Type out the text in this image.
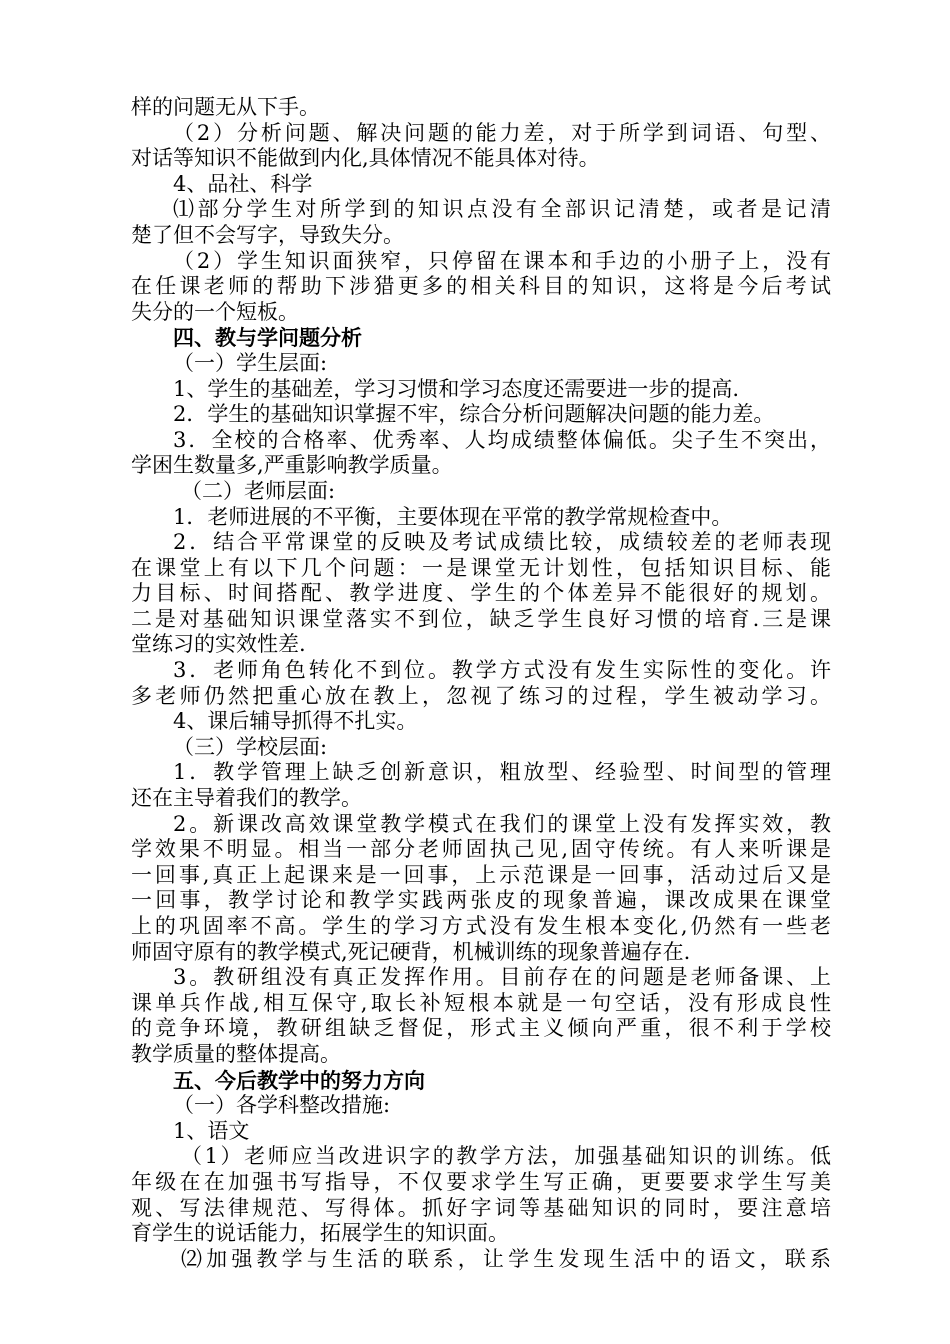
样的问题无从下手。
（2）分析问题、解决问题的能力差，对于所学到词语、句型、
对话等知识不能做到内化,具体情况不能具体对待。
4、品社、科学
⑴部分学生对所学到的知识点没有全部识记清楚，或者是记清
楚了但不会写字，导致失分。
（2）学生知识面狭窄，只停留在课本和手边的小册子上，没有
在任课老师的帮助下涉猎更多的相关科目的知识，这将是今后考试
失分的一个短板。
四、教与学问题分析
（一）学生层面:
1、学生的基础差，学习习惯和学习态度还需要进一步的提高.
2．学生的基础知识掌握不牢，综合分析问题解决问题的能力差。
3．全校的合格率、优秀率、人均成绩整体偏低。尖子生不突出，
学困生数量多,严重影响教学质量。
（二）老师层面:
1．老师进展的不平衡，主要体现在平常的教学常规检查中。
2．结合平常课堂的反映及考试成绩比较，成绩较差的老师表现
在课堂上有以下几个问题：一是课堂无计划性，包括知识目标、能
力目标、时间搭配、教学进度、学生的个体差异不能很好的规划。
二是对基础知识课堂落实不到位，缺乏学生良好习惯的培育.三是课
堂练习的实效性差.
3．老师角色转化不到位。教学方式没有发生实际性的变化。许
多老师仍然把重心放在教上，忽视了练习的过程，学生被动学习。
4、课后辅导抓得不扎实。
（三）学校层面:
1．教学管理上缺乏创新意识，粗放型、经验型、时间型的管理
还在主导着我们的教学。
2。新课改高效课堂教学模式在我们的课堂上没有发挥实效，教
学效果不明显。相当一部分老师固执己见,固守传统。有人来听课是
一回事,真正上起课来是一回事，上示范课是一回事，活动过后又是
一回事，教学讨论和教学实践两张皮的现象普遍，课改成果在课堂
上的巩固率不高。学生的学习方式没有发生根本变化,仍然有一些老
师固守原有的教学模式,死记硬背，机械训练的现象普遍存在.
3。教研组没有真正发挥作用。目前存在的问题是老师备课、上
课单兵作战,相互保守,取长补短根本就是一句空话，没有形成良性
的竞争环境，教研组缺乏督促，形式主义倾向严重，很不利于学校
教学质量的整体提高。
五、今后教学中的努力方向
（一）各学科整改措施:
1、语文
（1）老师应当改进识字的教学方法，加强基础知识的训练。低
年级在在加强书写指导，不仅要求学生写正确，更要要求学生写美
观、写法律规范、写得体。抓好字词等基础知识的同时，要注意培
育学生的说话能力，拓展学生的知识面。
⑵加强教学与生活的联系，让学生发现生活中的语文，联系
